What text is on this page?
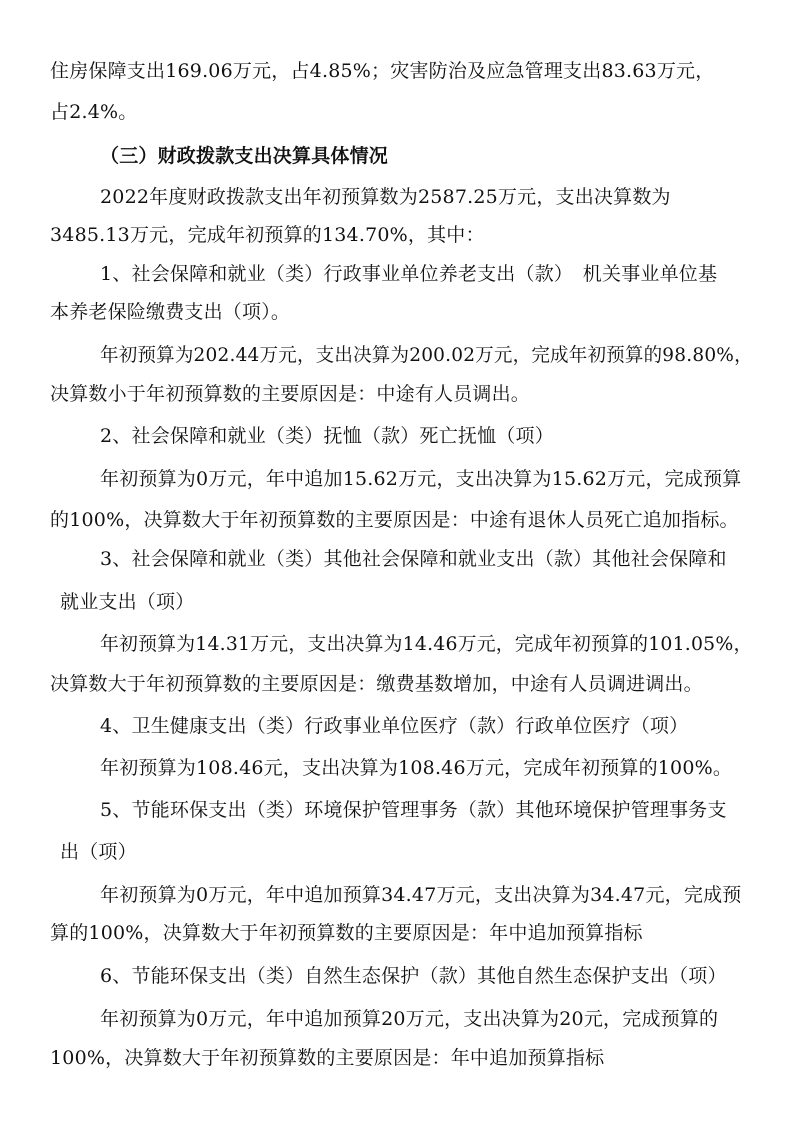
住房保障支出169.06万元，占4.85%；灾害防治及应急管理支出83.63万元，
占2.4%。
（三）财政拨款支出决算具体情况
2022年度财政拨款支出年初预算数为2587.25万元，支出决算数为
3485.13万元，完成年初预算的134.70%，其中：
1、社会保障和就业（类）行政事业单位养老支出（款）　机关事业单位基
本养老保险缴费支出（项）。
年初预算为202.44万元，支出决算为200.02万元，完成年初预算的98.80%，
决算数小于年初预算数的主要原因是：中途有人员调出。
2、社会保障和就业（类）抚恤（款）死亡抚恤（项）
年初预算为0万元，年中追加15.62万元，支出决算为15.62万元，完成预算
的100%，决算数大于年初预算数的主要原因是：中途有退休人员死亡追加指标。
3、社会保障和就业（类）其他社会保障和就业支出（款）其他社会保障和
就业支出（项）
年初预算为14.31万元，支出决算为14.46万元，完成年初预算的101.05%，
决算数大于年初预算数的主要原因是：缴费基数增加，中途有人员调进调出。
4、卫生健康支出（类）行政事业单位医疗（款）行政单位医疗（项）
年初预算为108.46元，支出决算为108.46万元，完成年初预算的100%。
5、节能环保支出（类）环境保护管理事务（款）其他环境保护管理事务支
出（项）
年初预算为0万元，年中追加预算34.47万元，支出决算为34.47元，完成预
算的100%，决算数大于年初预算数的主要原因是：年中追加预算指标
6、节能环保支出（类）自然生态保护（款）其他自然生态保护支出（项）
年初预算为0万元，年中追加预算20万元，支出决算为20元，完成预算的
100%，决算数大于年初预算数的主要原因是：年中追加预算指标
